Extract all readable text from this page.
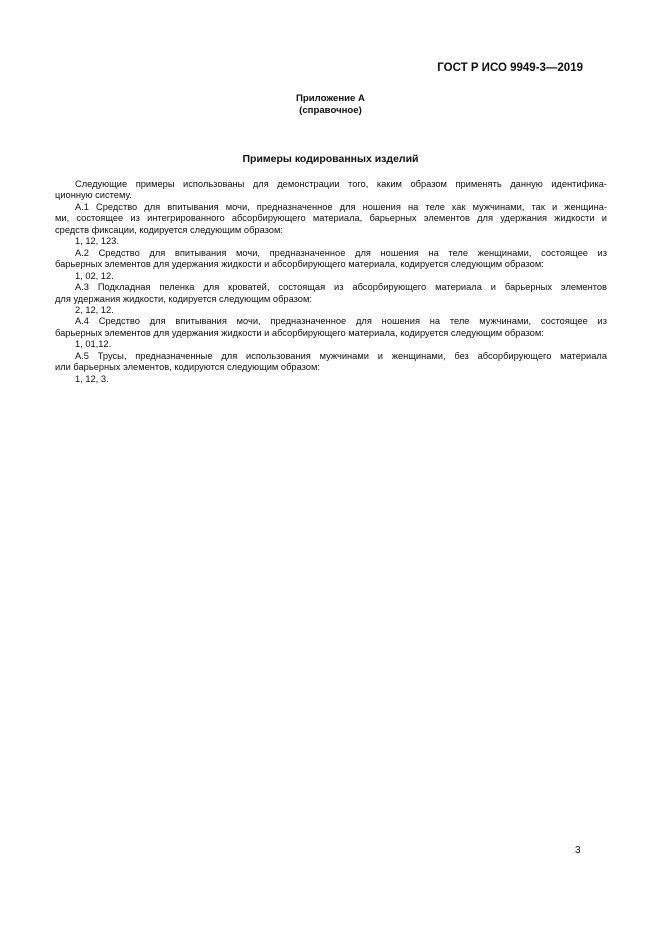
ГОСТ Р ИСО 9949-3—2019
Приложение А
(справочное)
Примеры кодированных изделий
Следующие примеры использованы для демонстрации того, каким образом применять данную идентифика-
ционную систему.
А.1 Средство для впитывания мочи, предназначенное для ношения на теле как мужчинами, так и женщина-
ми, состоящее из интегрированного абсорбирующего материала, барьерных элементов для удержания жидкости и
средств фиксации, кодируется следующим образом:
1, 12, 123.
А.2 Средство для впитывания мочи, предназначенное для ношения на теле женщинами, состоящее из
барьерных элементов для удержания жидкости и абсорбирующего материала, кодируется следующим образом:
1, 02, 12.
А.3 Подкладная пеленка для кроватей, состоящая из абсорбирующего материала и барьерных элементов
для удержания жидкости, кодируется следующим образом:
2, 12, 12.
А.4 Средство для впитывания мочи, предназначенное для ношения на теле мужчинами, состоящее из
барьерных элементов для удержания жидкости и абсорбирующего материала, кодируется следующим образом:
1, 01,12.
А.5 Трусы, предназначенные для использования мужчинами и женщинами, без абсорбирующего материала
или барьерных элементов, кодируются следующим образом:
1, 12, 3.
3
